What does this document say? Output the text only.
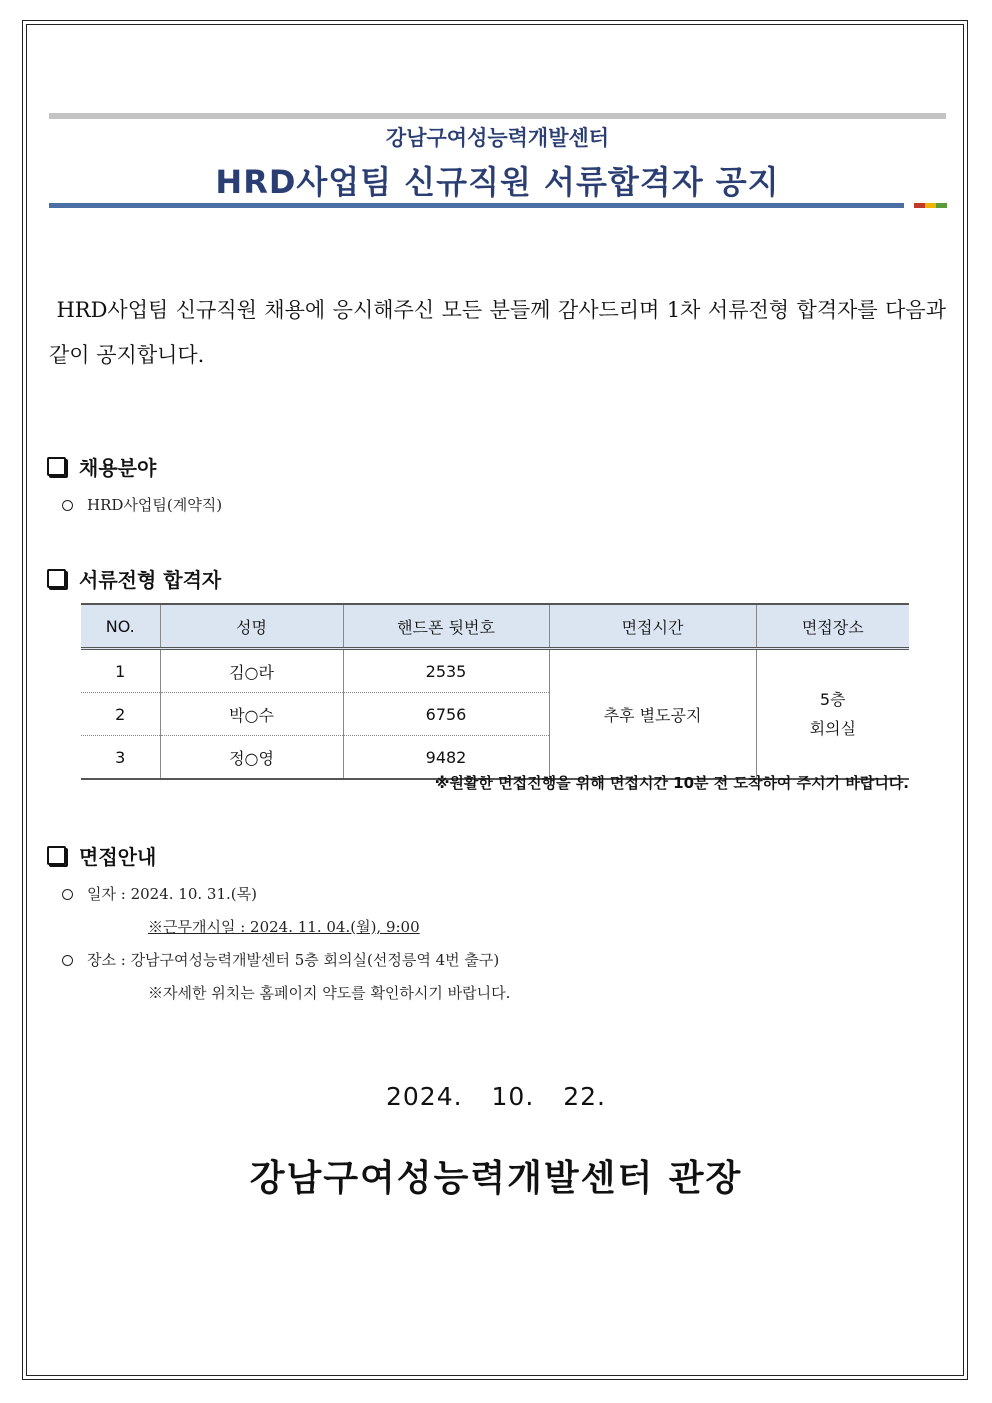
강남구여성능력개발센터
HRD사업팀 신규직원 서류합격자 공지
HRD사업팀 신규직원 채용에 응시해주신 모든 분들께 감사드리며 1차 서류전형 합격자를 다음과 같이 공지합니다.
채용분야
HRD사업팀(계약직)
서류전형 합격자
NO.	성명	핸드폰 뒷번호	면접시간	면접장소
1	김○라	2535	추후 별도공지	5층
회의실

2	박○수	6756		
3	정○영	9482		
※원활한 면접진행을 위해 면접시간 10분 전 도착하여 주시기 바랍니다.
면접안내
일자 : 2024. 10. 31.(목)
※근무개시일 : 2024. 11. 04.(월), 9:00
장소 : 강남구여성능력개발센터 5층 회의실(선정릉역 4번 출구)
※자세한 위치는 홈페이지 약도를 확인하시기 바랍니다.
2024. 10. 22.
강남구여성능력개발센터 관장
